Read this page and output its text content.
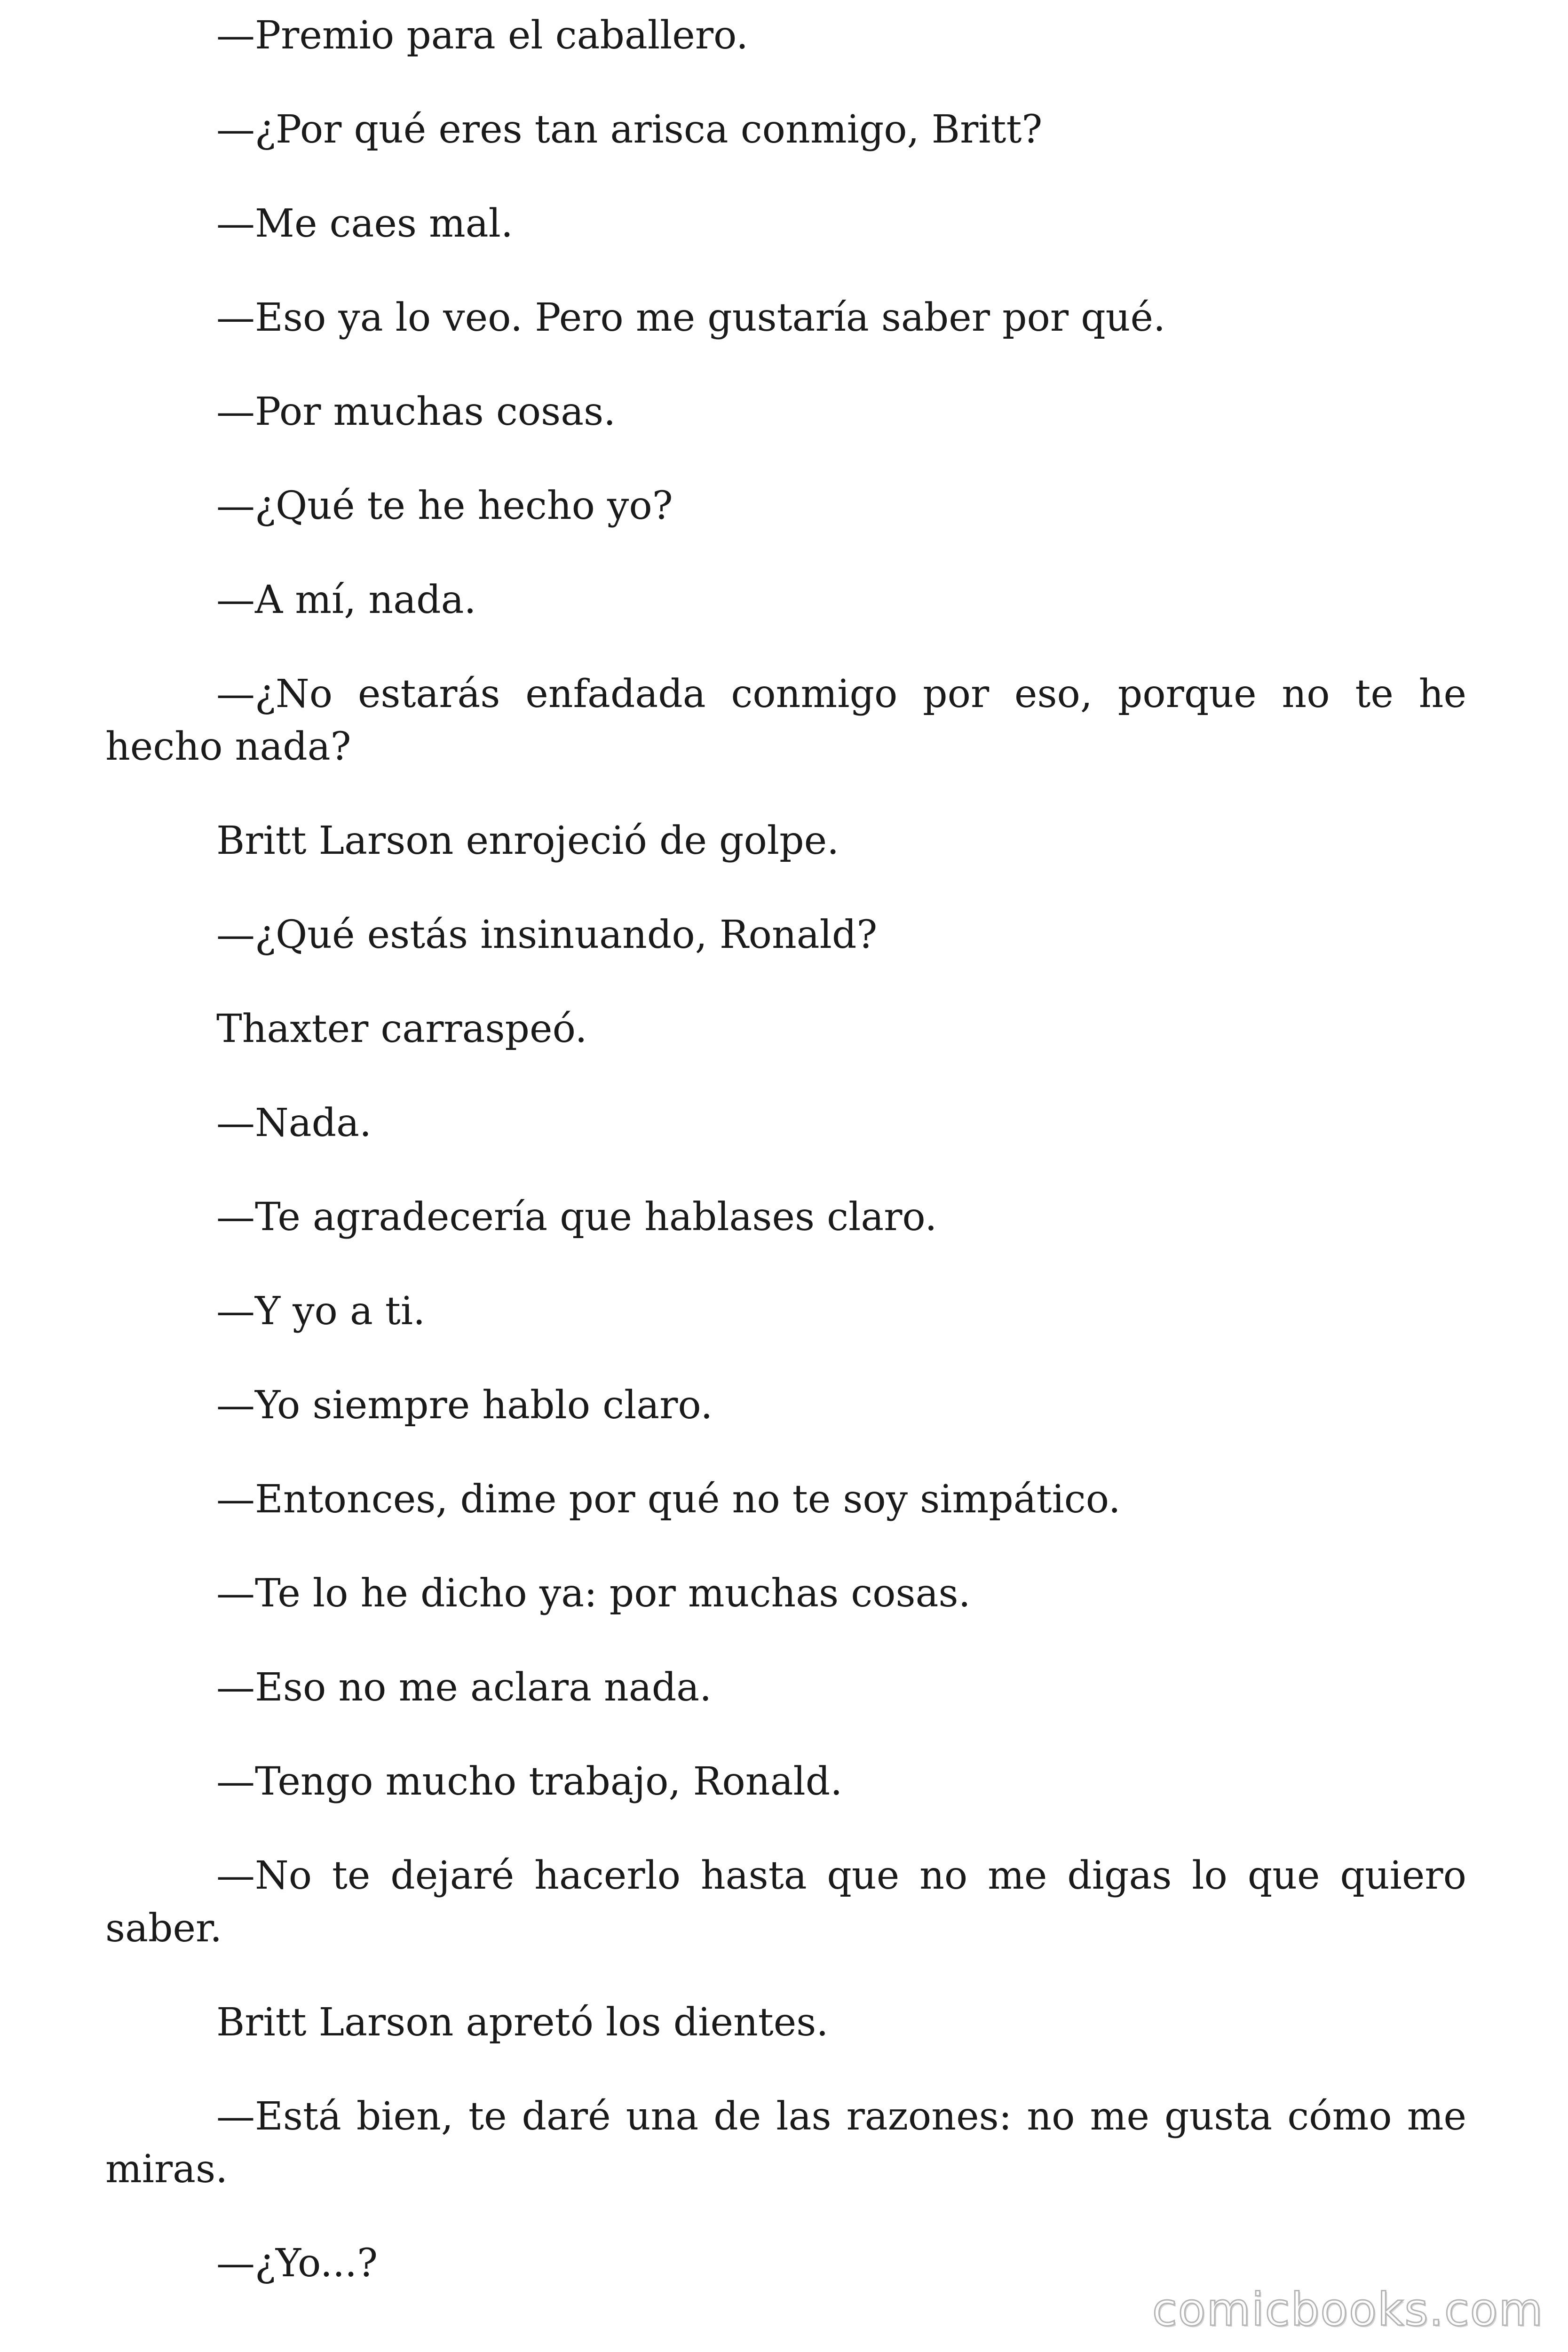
—Premio para el caballero.

—¿Por qué eres tan arisca conmigo, Britt?

—Me caes mal.

—Eso ya lo veo. Pero me gustaría saber por qué.

—Por muchas cosas.

—¿Qué te he hecho yo?

—A mí, nada.

—¿No estarás enfadada conmigo por eso, porque no te he hecho nada?

Britt Larson enrojeció de golpe.

—¿Qué estás insinuando, Ronald?

Thaxter carraspeó.

—Nada.

—Te agradecería que hablases claro.

—Y yo a ti.

—Yo siempre hablo claro.

—Entonces, dime por qué no te soy simpático.

—Te lo he dicho ya: por muchas cosas.

—Eso no me aclara nada.

—Tengo mucho trabajo, Ronald.

—No te dejaré hacerlo hasta que no me digas lo que quiero saber.

Britt Larson apretó los dientes.

—Está bien, te daré una de las razones: no me gusta cómo me miras.

—¿Yo...?

comicbooks.com
